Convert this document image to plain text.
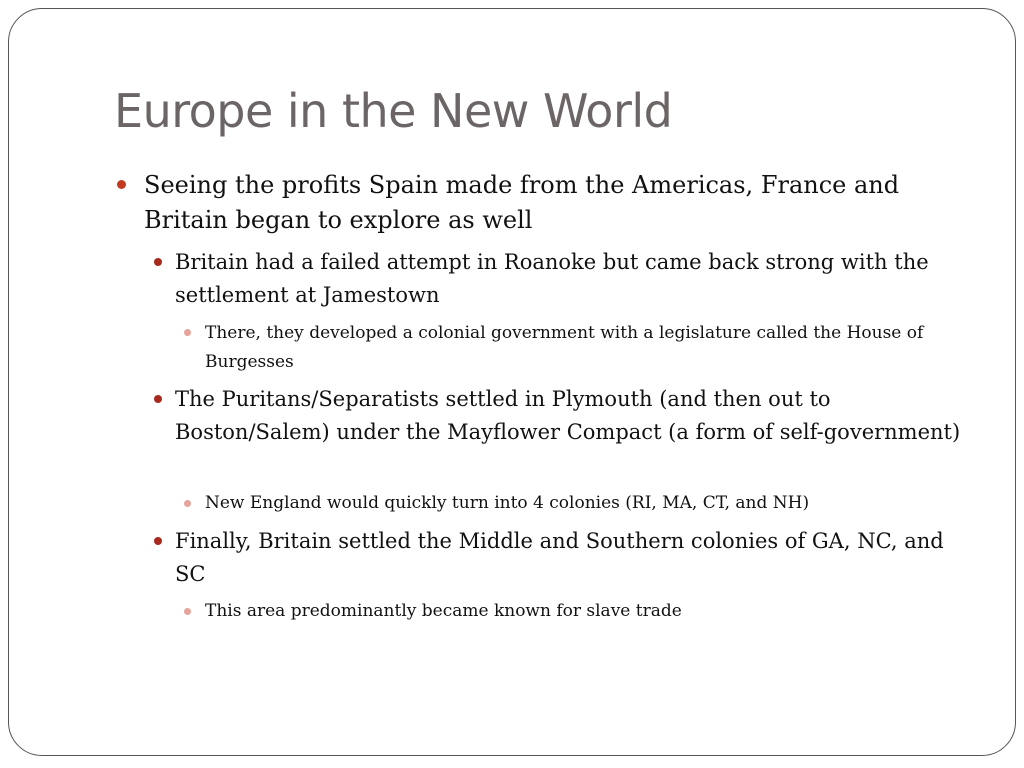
Europe in the New World

Seeing the profits Spain made from the Americas, France and Britain began to explore as well

Britain had a failed attempt in Roanoke but came back strong with the settlement at Jamestown

There, they developed a colonial government with a legislature called the House of Burgesses

The Puritans/Separatists settled in Plymouth (and then out to Boston/Salem) under the Mayflower Compact (a form of self-government)

New England would quickly turn into 4 colonies (RI, MA, CT, and NH)

Finally, Britain settled the Middle and Southern colonies of GA, NC, and SC

This area predominantly became known for slave trade
